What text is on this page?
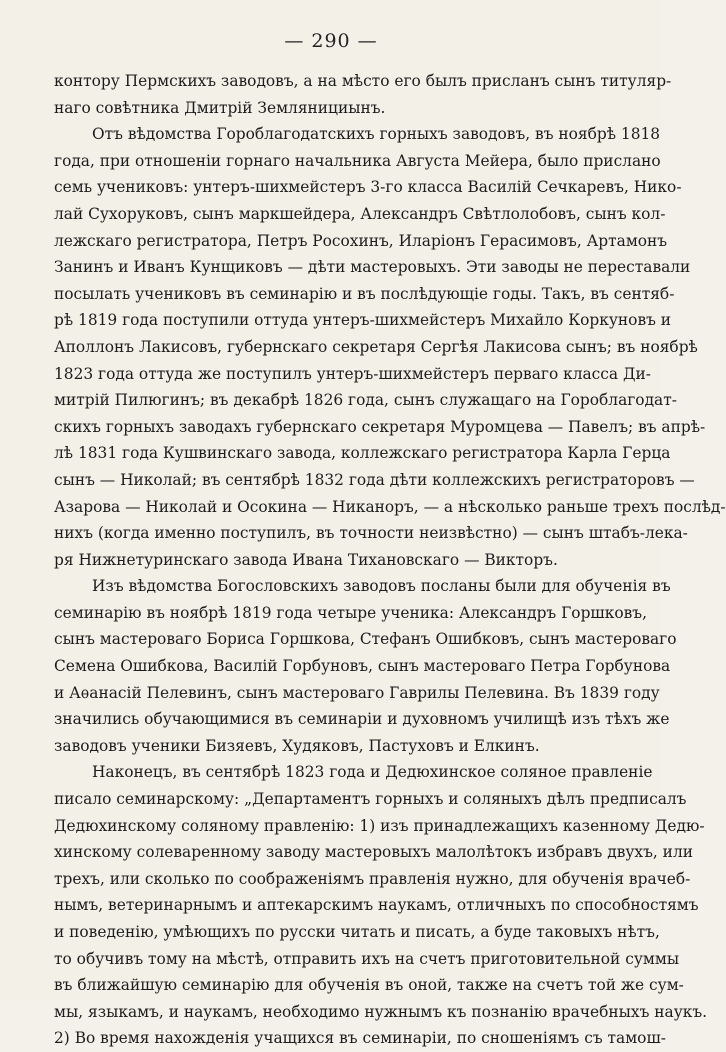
— 290 —
контору Пермскихъ заводовъ, а на мѣсто его былъ присланъ сынъ титуляр-
наго совѣтника Дмитрій Землянициынъ.
Отъ вѣдомства Гороблагодатскихъ горныхъ заводовъ, въ ноябрѣ 1818
года, при отношеніи горнаго начальника Августа Мейера, было прислано
семь учениковъ: унтеръ-шихмейстеръ 3-го класса Василій Сечкаревъ, Нико-
лай Сухоруковъ, сынъ маркшейдера, Александръ Свѣтлолобовъ, сынъ кол-
лежскаго регистратора, Петръ Росохинъ, Иларіонъ Герасимовъ, Артамонъ
Занинъ и Иванъ Кунщиковъ — дѣти мастеровыхъ. Эти заводы не переставали
посылать учениковъ въ семинарію и въ послѣдующіе годы. Такъ, въ сентяб-
рѣ 1819 года поступили оттуда унтеръ-шихмейстеръ Михайло Коркуновъ и
Аполлонъ Лакисовъ, губернскаго секретаря Сергѣя Лакисова сынъ; въ ноябрѣ
1823 года оттуда же поступилъ унтеръ-шихмейстеръ перваго класса Ди-
митрій Пилюгинъ; въ декабрѣ 1826 года, сынъ служащаго на Гороблагодат-
скихъ горныхъ заводахъ губернскаго секретаря Муромцева — Павелъ; въ апрѣ-
лѣ 1831 года Кушвинскаго завода, коллежскаго регистратора Карла Герца
сынъ — Николай; въ сентябрѣ 1832 года дѣти коллежскихъ регистраторовъ —
Азарова — Николай и Осокина — Никаноръ, — а нѣсколько раньше трехъ послѣд-
нихъ (когда именно поступилъ, въ точности неизвѣстно) — сынъ штабъ-лека-
ря Нижнетуринскаго завода Ивана Тихановскаго — Викторъ.
Изъ вѣдомства Богословскихъ заводовъ посланы были для обученія въ
семинарію въ ноябрѣ 1819 года четыре ученика: Александръ Горшковъ,
сынъ мастероваго Бориса Горшкова, Стефанъ Ошибковъ, сынъ мастероваго
Семена Ошибкова, Василій Горбуновъ, сынъ мастероваго Петра Горбунова
и Аѳанасій Пелевинъ, сынъ мастероваго Гаврилы Пелевина. Въ 1839 году
значились обучающимися въ семинаріи и духовномъ училищѣ изъ тѣхъ же
заводовъ ученики Бизяевъ, Худяковъ, Пастуховъ и Елкинъ.
Наконецъ, въ сентябрѣ 1823 года и Дедюхинское соляное правленіе
писало семинарскому: „Департаментъ горныхъ и соляныхъ дѣлъ предписалъ
Дедюхинскому соляному правленію: 1) изъ принадлежащихъ казенному Дедю-
хинскому солеваренному заводу мастеровыхъ малолѣтокъ избравъ двухъ, или
трехъ, или сколько по соображеніямъ правленія нужно, для обученія врачеб-
нымъ, ветеринарнымъ и аптекарскимъ наукамъ, отличныхъ по способностямъ
и поведенію, умѣющихъ по русски читать и писать, а буде таковыхъ нѣтъ,
то обучивъ тому на мѣстѣ, отправить ихъ на счетъ приготовительной суммы
въ ближайшую семинарію для обученія въ оной, также на счетъ той же сум-
мы, языкамъ, и наукамъ, необходимо нужнымъ къ познанію врачебныхъ наукъ.
2) Во время нахожденія учащихся въ семинаріи, по сношеніямъ съ тамош-
